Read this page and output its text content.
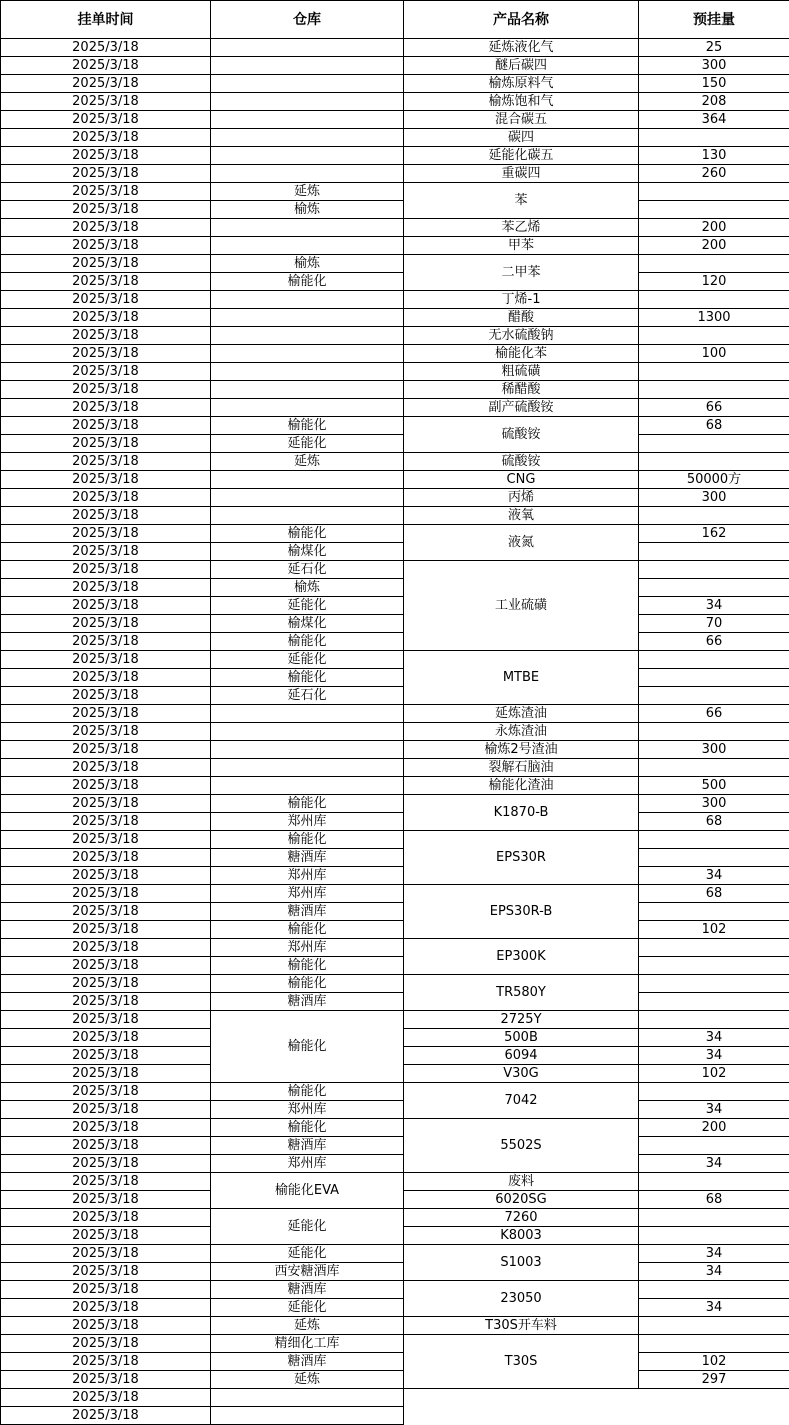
挂单时间	仓库	产品名称	预挂量
2025/3/18		延炼液化气	25
2025/3/18		醚后碳四	300
2025/3/18		榆炼原料气	150
2025/3/18		榆炼饱和气	208
2025/3/18		混合碳五	364
2025/3/18		碳四	
2025/3/18		延能化碳五	130
2025/3/18		重碳四	260
2025/3/18	延炼	苯	
2025/3/18	榆炼		
2025/3/18		苯乙烯	200
2025/3/18		甲苯	200
2025/3/18	榆炼	二甲苯	
2025/3/18	榆能化		120
2025/3/18		丁烯-1	
2025/3/18		醋酸	1300
2025/3/18		无水硫酸钠	
2025/3/18		榆能化苯	100
2025/3/18		粗硫磺	
2025/3/18		稀醋酸	
2025/3/18		副产硫酸铵	66
2025/3/18	榆能化	硫酸铵	68
2025/3/18	延能化		
2025/3/18	延炼	硫酸铵	
2025/3/18		CNG	50000方
2025/3/18		丙烯	300
2025/3/18		液氧	
2025/3/18	榆能化	液氮	162
2025/3/18	榆煤化		
2025/3/18	延石化	工业硫磺	
2025/3/18	榆炼		
2025/3/18	延能化		34
2025/3/18	榆煤化		70
2025/3/18	榆能化		66
2025/3/18	延能化	MTBE	
2025/3/18	榆能化		
2025/3/18	延石化		
2025/3/18		延炼渣油	66
2025/3/18		永炼渣油	
2025/3/18		榆炼2号渣油	300
2025/3/18		裂解石脑油	
2025/3/18		榆能化渣油	500
2025/3/18	榆能化	K1870-B	300
2025/3/18	郑州库		68
2025/3/18	榆能化	EPS30R	
2025/3/18	糖酒库		
2025/3/18	郑州库		34
2025/3/18	郑州库	EPS30R-B	68
2025/3/18	糖酒库		
2025/3/18	榆能化		102
2025/3/18	郑州库	EP300K	
2025/3/18	榆能化		
2025/3/18	榆能化	TR580Y	
2025/3/18	糖酒库		
2025/3/18	榆能化	2725Y	
2025/3/18		500B	34
2025/3/18		6094	34
2025/3/18		V30G	102
2025/3/18	榆能化	7042	
2025/3/18	郑州库		34
2025/3/18	榆能化	5502S	200
2025/3/18	糖酒库		
2025/3/18	郑州库		34
2025/3/18	榆能化EVA	废料	
2025/3/18		6020SG	68
2025/3/18	延能化	7260	
2025/3/18		K8003	
2025/3/18	延能化	S1003	34
2025/3/18	西安糖酒库		34
2025/3/18	糖酒库	23050	
2025/3/18	延能化		34
2025/3/18	延炼	T30S开车料	
2025/3/18	精细化工库	T30S	
2025/3/18	糖酒库		102
2025/3/18	延炼		297
2025/3/18			
2025/3/18			
